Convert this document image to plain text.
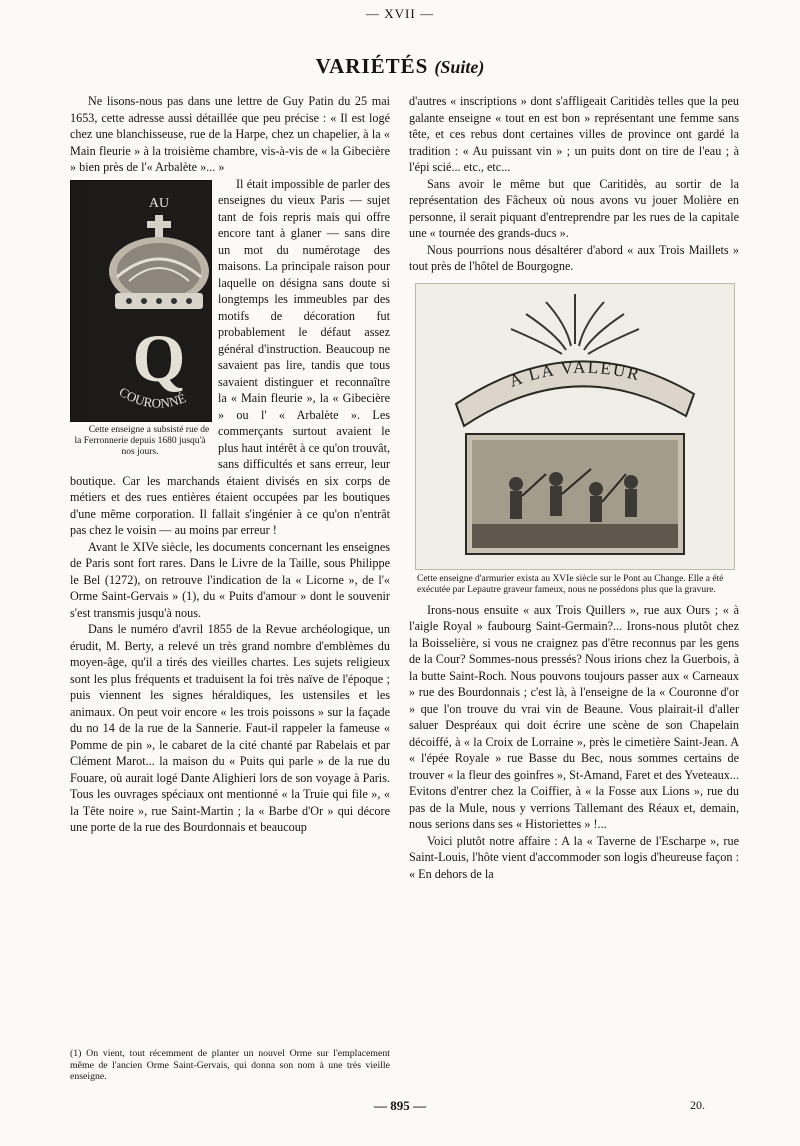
— XVII —
VARIÉTÉS (Suite)

Ne lisons-nous pas dans une lettre de Guy Patin du 25 mai 1653, cette adresse aussi détaillée que peu précise : « Il est logé chez une blanchisseuse, rue de la Harpe, chez un chapelier, à la « Main fleurie » à la troisième chambre, vis-à-vis de « la Gibecière » bien près de l'« Arbalète »... »

AU
Q
COURONNÉ
Cette enseigne a subsisté rue de la Ferronnerie depuis 1680 jusqu'à nos jours.
Il était impossible de parler des enseignes du vieux Paris — sujet tant de fois repris mais qui offre encore tant à glaner — sans dire un mot du numérotage des maisons. La principale raison pour laquelle on désigna sans doute si longtemps les immeubles par des motifs de décoration fut probablement le défaut assez général d'instruction. Beaucoup ne savaient pas lire, tandis que tous savaient distinguer et reconnaître la « Main fleurie », la « Gibecière » ou l' « Arbalète ». Les commerçants surtout avaient le plus haut intérêt à ce qu'on trouvât, sans difficultés et sans erreur, leur boutique. Car les marchands étaient divisés en six corps de métiers et des rues entières étaient occupées par les boutiques d'une même corporation. Il fallait s'ingénier à ce qu'on n'entrât pas chez le voisin — au moins par erreur !

Avant le XIVe siècle, les documents concernant les enseignes de Paris sont fort rares. Dans le Livre de la Taille, sous Philippe le Bel (1272), on retrouve l'indication de la « Licorne », de l'« Orme Saint-Gervais » (1), du « Puits d'amour » dont le souvenir s'est transmis jusqu'à nous.

Dans le numéro d'avril 1855 de la Revue archéologique, un érudit, M. Berty, a relevé un très grand nombre d'emblèmes du moyen-âge, qu'il a tirés des vieilles chartes. Les sujets religieux sont les plus fréquents et traduisent la foi très naïve de l'époque ; puis viennent les signes héraldiques, les ustensiles et les animaux. On peut voir encore « les trois poissons » sur la façade du no 14 de la rue de la Sannerie. Faut-il rappeler la fameuse « Pomme de pin », le cabaret de la cité chanté par Rabelais et par Clément Marot... la maison du « Puits qui parle » de la rue du Fouare, où aurait logé Dante Alighieri lors de son voyage à Paris. Tous les ouvrages spéciaux ont mentionné « la Truie qui file », « la Tête noire », rue Saint-Martin ; la « Barbe d'Or » qui décore une porte de la rue des Bourdonnais et beaucoup

d'autres « inscriptions » dont s'affligeait Caritidès telles que la peu galante enseigne « tout en est bon » représentant une femme sans tête, et ces rebus dont certaines villes de province ont gardé la tradition : « Au puissant vin » ; un puits dont on tire de l'eau ; à l'épi scié... etc., etc...

Sans avoir le même but que Caritidès, au sortir de la représentation des Fâcheux où nous avons vu jouer Molière en personne, il serait piquant d'entreprendre par les rues de la capitale une « tournée des grands-ducs ».

Nous pourrions nous désaltérer d'abord « aux Trois Maillets » tout près de l'hôtel de Bourgogne.

A LA VALEUR
Cette enseigne d'armurier exista au XVIe siècle sur le Pont au Change. Elle a été exécutée par Lepautre graveur fameux, nous ne possédons plus que la gravure.

Irons-nous ensuite « aux Trois Quillers », rue aux Ours ; « à l'aigle Royal » faubourg Saint-Germain?... Irons-nous plutôt chez la Boisselière, si vous ne craignez pas d'être reconnus par les gens de la Cour? Sommes-nous pressés? Nous irions chez la Guerbois, à la butte Saint-Roch. Nous pouvons toujours passer aux « Carneaux » rue des Bourdonnais ; c'est là, à l'enseigne de la « Couronne d'or » que l'on trouve du vrai vin de Beaune. Vous plairait-il d'aller saluer Despréaux qui doit écrire une scène de son Chapelain décoiffé, à « la Croix de Lorraine », près le cimetière Saint-Jean. A « l'épée Royale » rue Basse du Bec, nous sommes certains de trouver « la fleur des goinfres », St-Amand, Faret et des Yveteaux... Evitons d'entrer chez la Coiffier, à « la Fosse aux Lions », rue du pas de la Mule, nous y verrions Tallemant des Réaux et, demain, nous serions dans ses « Historiettes » !...

Voici plutôt notre affaire : A la « Taverne de l'Escharpe », rue Saint-Louis, l'hôte vient d'accommoder son logis d'heureuse façon : « En dehors de la

(1) On vient, tout récemment de planter un nouvel Orme sur l'emplacement même de l'ancien Orme Saint-Gervais, qui donna son nom à une très vieille enseigne.
— 895 —	20.
